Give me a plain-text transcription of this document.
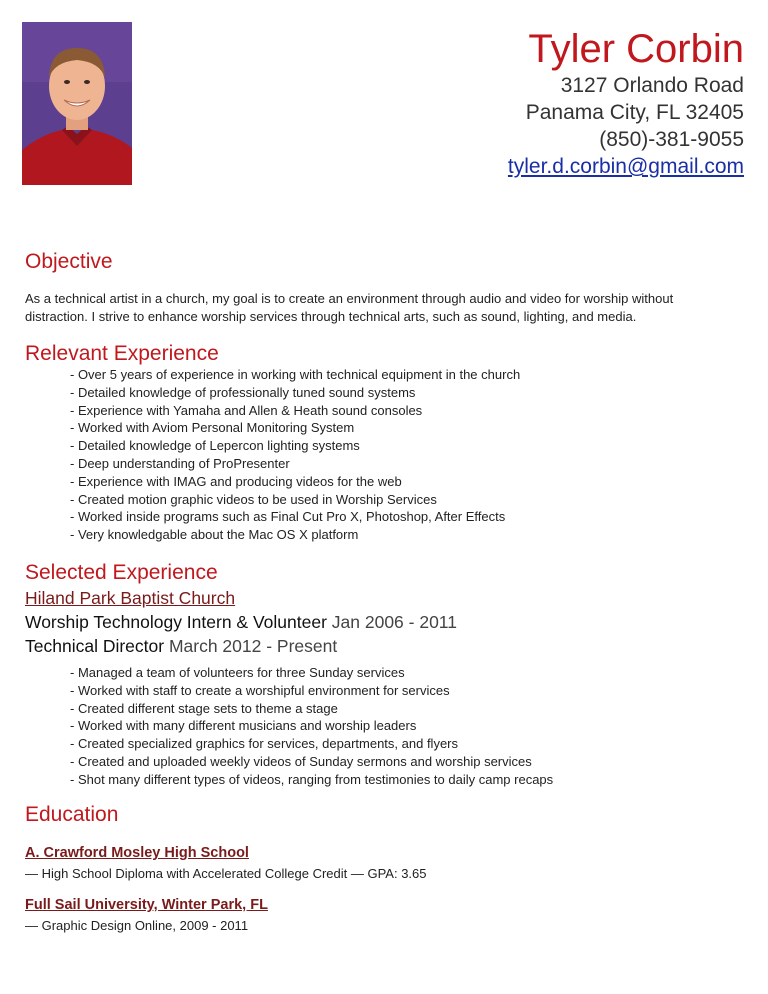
Tyler Corbin
3127 Orlando Road
Panama City, FL 32405
(850)-381-9055
tyler.d.corbin@gmail.com
Objective
As a technical artist in a church, my goal is to create an environment through audio and video for worship without
distraction. I strive to enhance worship services through technical arts, such as sound, lighting, and media.
Relevant Experience
- Over 5 years of experience in working with technical equipment in the church
- Detailed knowledge of professionally tuned sound systems
- Experience with Yamaha and Allen & Heath sound consoles
- Worked with Aviom Personal Monitoring System
- Detailed knowledge of Lepercon lighting systems
- Deep understanding of ProPresenter
- Experience with IMAG and producing videos for the web
- Created motion graphic videos to be used in Worship Services
- Worked inside programs such as Final Cut Pro X, Photoshop, After Effects
- Very knowledgable about the Mac OS X platform
Selected Experience
Hiland Park Baptist Church
Worship Technology Intern & Volunteer Jan 2006 - 2011
Technical Director March 2012 - Present
- Managed a team of volunteers for three Sunday services
- Worked with staff to create a worshipful environment for services
- Created different stage sets to theme a stage
- Worked with many different musicians and worship leaders
- Created specialized graphics for services, departments, and flyers
- Created and uploaded weekly videos of Sunday sermons and worship services
- Shot many different types of videos, ranging from testimonies to daily camp recaps
Education
A. Crawford Mosley High School
— High School Diploma with Accelerated College Credit — GPA: 3.65
Full Sail University, Winter Park, FL
— Graphic Design Online, 2009 - 2011
